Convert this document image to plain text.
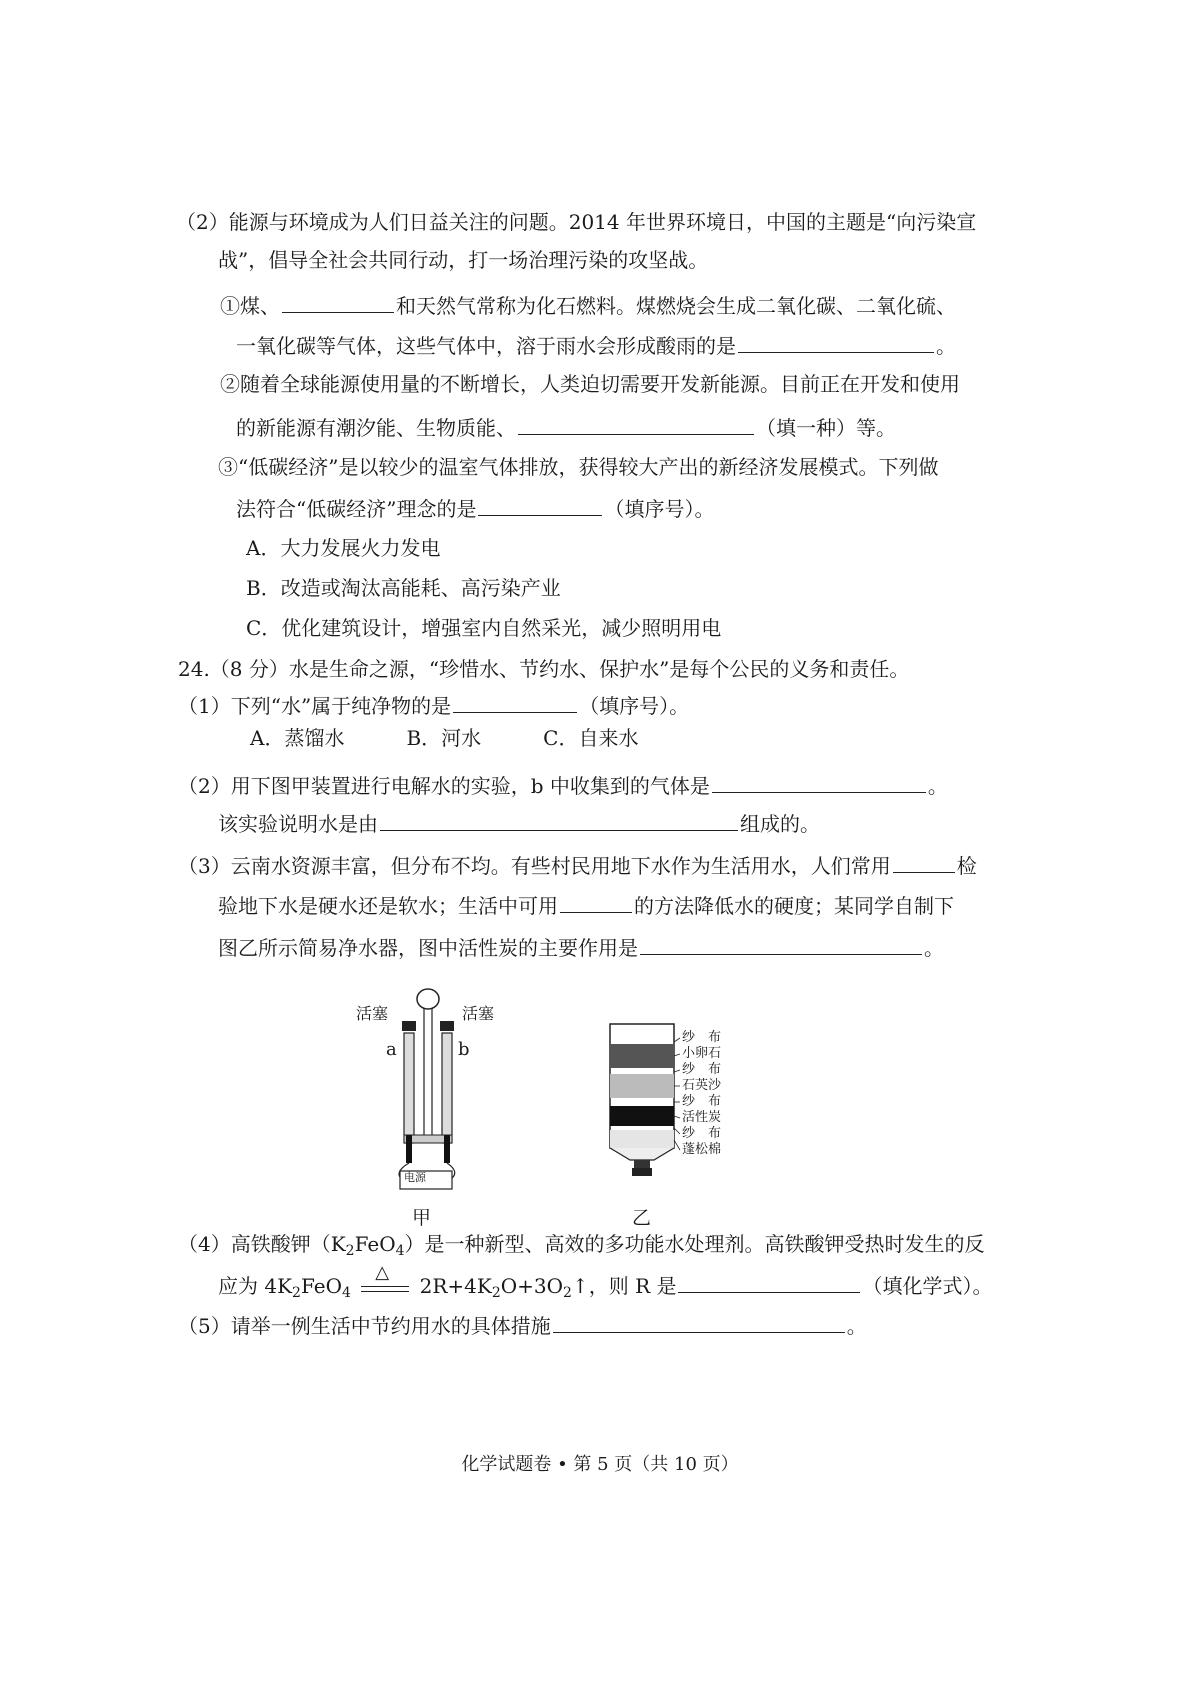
（2）能源与环境成为人们日益关注的问题。2014 年世界环境日，中国的主题是“向污染宣
战”，倡导全社会共同行动，打一场治理污染的攻坚战。
①煤、	和天然气常称为化石燃料。煤燃烧会生成二氧化碳、二氧化硫、
一氧化碳等气体，这些气体中，溶于雨水会形成酸雨的是	。
②随着全球能源使用量的不断增长，人类迫切需要开发新能源。目前正在开发和使用
的新能源有潮汐能、生物质能、	（填一种）等。
③“低碳经济”是以较少的温室气体排放，获得较大产出的新经济发展模式。下列做
法符合“低碳经济”理念的是	（填序号）。
A．大力发展火力发电
B．改造或淘汰高能耗、高污染产业
C．优化建筑设计，增强室内自然采光，减少照明用电
24.（8 分）水是生命之源，“珍惜水、节约水、保护水”是每个公民的义务和责任。
（1）下列“水”属于纯净物的是	（填序号）。
A．蒸馏水	B．河水	C．自来水
（2）用下图甲装置进行电解水的实验，b 中收集到的气体是	。
该实验说明水是由	组成的。
（3）云南水资源丰富，但分布不均。有些村民用地下水作为生活用水，人们常用	检
验地下水是硬水还是软水；生活中可用	的方法降低水的硬度；某同学自制下
图乙所示简易净水器，图中活性炭的主要作用是	。
活塞	活塞
a	b
电源
甲
纱　布
小卵石
纱　布
石英沙
纱　布
活性炭
纱　布
蓬松棉
乙
（4）高铁酸钾$(K_2FeO_4)$是一种新型、高效的多功能水处理剂。高铁酸钾受热时发生的反
应为 $4K_2FeO_4$
△
$2R+4K_2O+3O_2↑$，则 R 是	（填化学式）。
（5）请举一例生活中节约用水的具体措施	。
化学试题卷 • 第 5 页（共 10 页）
